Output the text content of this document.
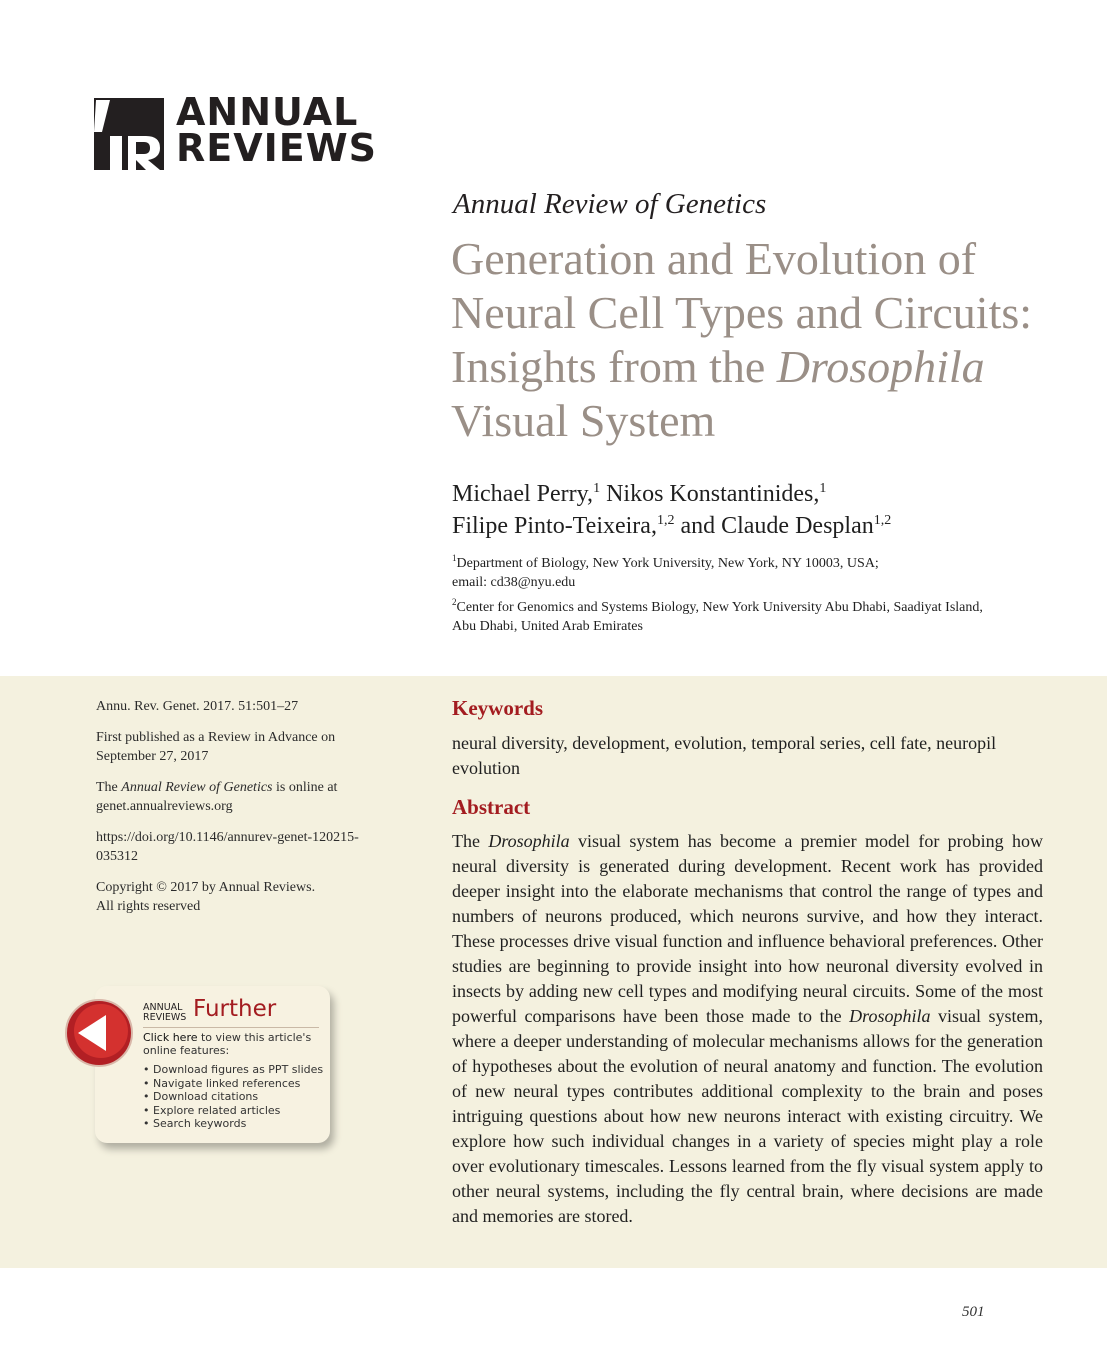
ANNUAL
REVIEWS
Annual Review of Genetics
Generation and Evolution of
Neural Cell Types and Circuits:
Insights from the Drosophila
Visual System
Michael Perry,$^1$ Nikos Konstantinides,$^1$
Filipe Pinto-Teixeira,$^{1,2}$ and Claude Desplan$^{1,2}$
$^1$Department of Biology, New York University, New York, NY 10003, USA;
email: cd38@nyu.edu
$^2$Center for Genomics and Systems Biology, New York University Abu Dhabi, Saadiyat Island,
Abu Dhabi, United Arab Emirates
Annu. Rev. Genet. 2017. 51:501–27
First published as a Review in Advance on
September 27, 2017
The Annual Review of Genetics is online at
genet.annualreviews.org
https://doi.org/10.1146/annurev-genet-120215-
035312
Copyright © 2017 by Annual Reviews.
All rights reserved
ANNUAL
REVIEWS Further
Click here to view this article's online features:
• Download figures as PPT slides
• Navigate linked references
• Download citations
• Explore related articles
• Search keywords
Keywords
neural diversity, development, evolution, temporal series, cell fate, neuropil evolution
Abstract
The Drosophila visual system has become a premier model for probing how neural diversity is generated during development. Recent work has provided deeper insight into the elaborate mechanisms that control the range of types and numbers of neurons produced, which neurons survive, and how they interact. These processes drive visual function and influence behavioral preferences. Other studies are beginning to provide insight into how neuronal diversity evolved in insects by adding new cell types and modifying neural circuits. Some of the most powerful comparisons have been those made to the Drosophila visual system, where a deeper understanding of molecular mechanisms allows for the generation of hypotheses about the evolution of neural anatomy and function. The evolution of new neural types contributes additional complexity to the brain and poses intriguing questions about how new neurons interact with existing circuitry. We explore how such individual changes in a variety of species might play a role over evolutionary timescales. Lessons learned from the fly visual system apply to other neural systems, including the fly central brain, where decisions are made and memories are stored.
501
